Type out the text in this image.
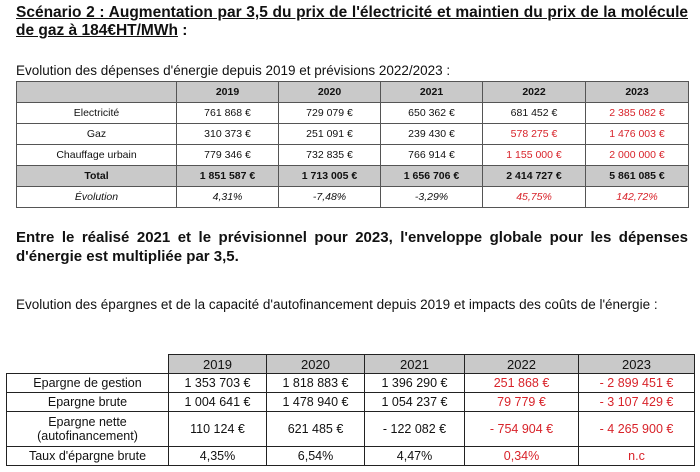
Scénario 2 : Augmentation par 3,5 du prix de l'électricité et maintien du prix de la molécule de gaz à 184€HT/MWh :
Evolution des dépenses d'énergie depuis 2019 et prévisions 2022/2023 :
	2019	2020	2021	2022	2023
Electricité	761 868 €	729 079 €	650 362 €	681 452 €	2 385 082 €
Gaz	310 373 €	251 091 €	239 430 €	578 275 €	1 476 003 €
Chauffage urbain	779 346 €	732 835 €	766 914 €	1 155 000 €	2 000 000 €
Total	1 851 587 €	1 713 005 €	1 656 706 €	2 414 727 €	5 861 085 €
Évolution	4,31%	-7,48%	-3,29%	45,75%	142,72%
Entre le réalisé 2021 et le prévisionnel pour 2023, l'enveloppe globale pour les dépenses d'énergie est multipliée par 3,5.
Evolution des épargnes et de la capacité d'autofinancement depuis 2019 et impacts des coûts de l'énergie :
	2019	2020	2021	2022	2023
Epargne de gestion	1 353 703 €	1 818 883 €	1 396 290 €	251 868 €	- 2 899 451 €
Epargne brute	1 004 641 €	1 478 940 €	1 054 237 €	79 779 €	- 3 107 429 €
Epargne nette
(autofinancement)	110 124 €	621 485 €	- 122 082 €	- 754 904 €	- 4 265 900 €
Taux d'épargne brute	4,35%	6,54%	4,47%	0,34%	n.c
